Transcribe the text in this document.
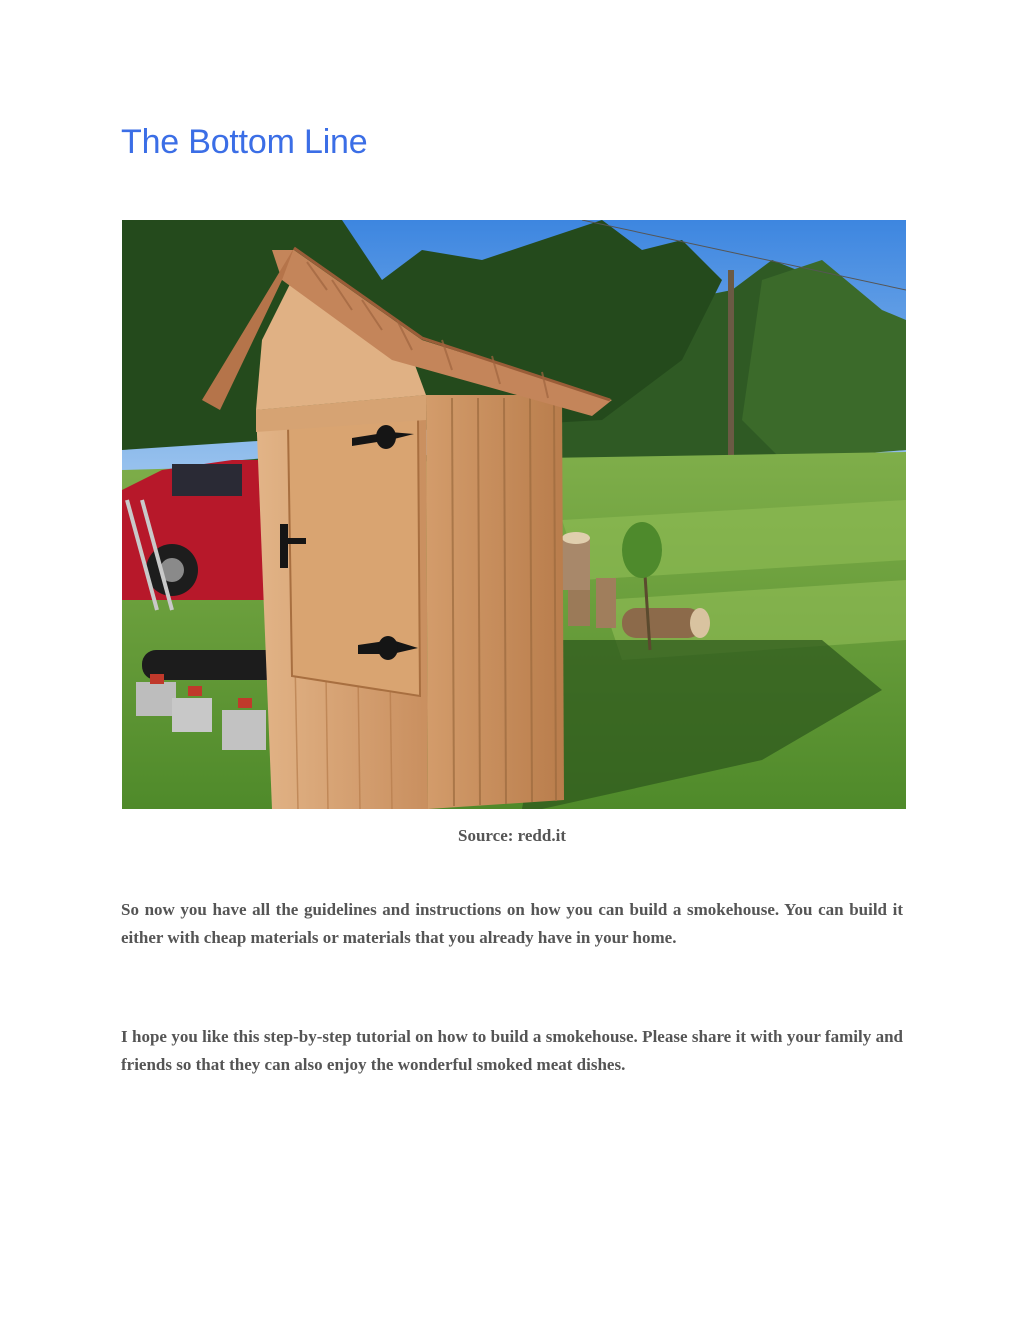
The Bottom Line
Source: redd.it

So now you have all the guidelines and instructions on how you can build a smokehouse. You can build it either with cheap materials or materials that you already have in your home.

I hope you like this step-by-step tutorial on how to build a smokehouse. Please share it with your family and friends so that they can also enjoy the wonderful smoked meat dishes.
